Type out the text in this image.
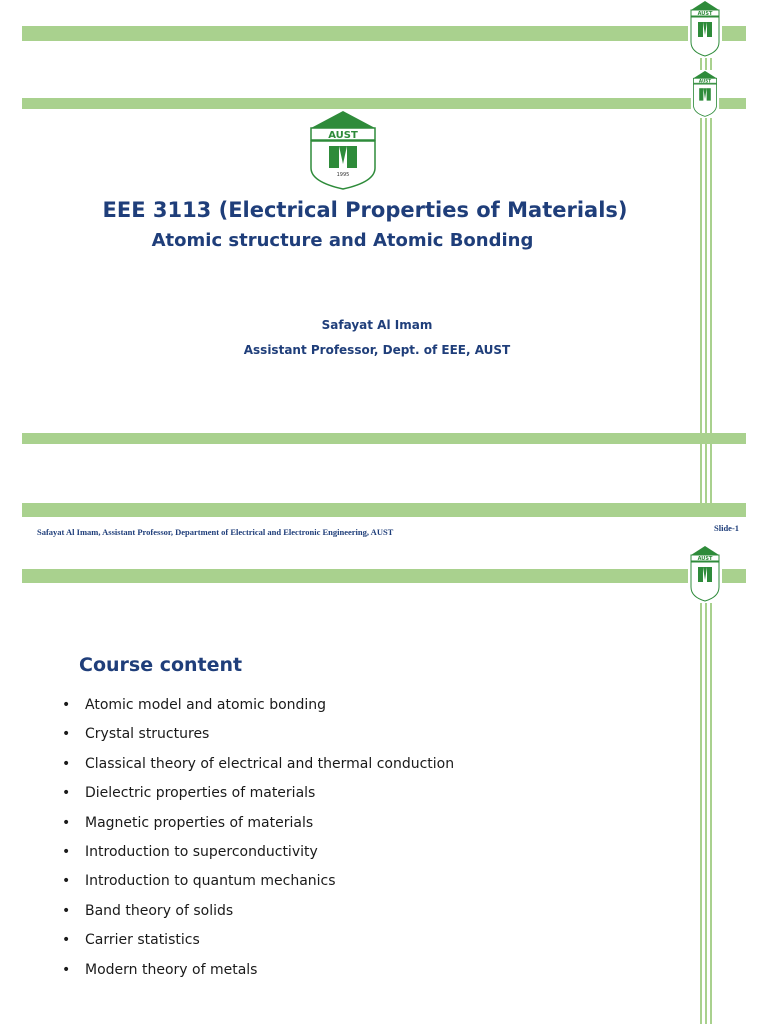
AUST
AUST
AUST
AUST
1995
EEE 3113 (Electrical Properties of Materials)
Atomic structure and Atomic Bonding
Safayat Al Imam
Assistant Professor, Dept. of EEE, AUST
Safayat Al Imam, Assistant Professor, Department of Electrical and Electronic Engineering, AUST	Slide-1
Course content
• Atomic model and atomic bonding
• Crystal structures
• Classical theory of electrical and thermal conduction
• Dielectric properties of materials
• Magnetic properties of materials
• Introduction to superconductivity
• Introduction to quantum mechanics
• Band theory of solids
• Carrier statistics
• Modern theory of metals
